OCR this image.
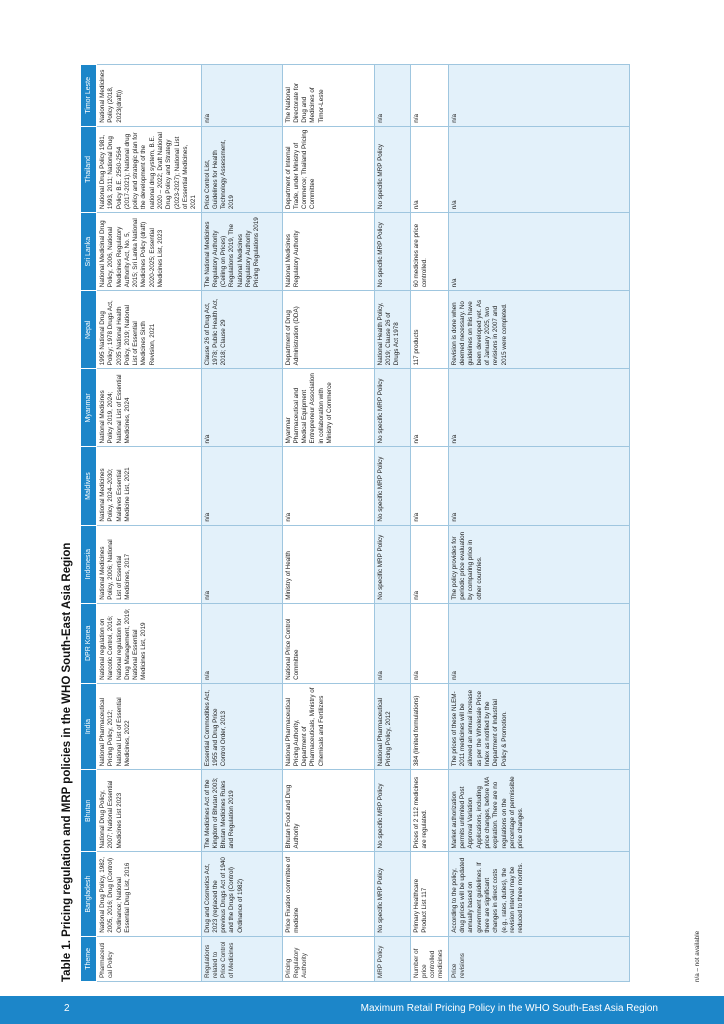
Table 1. Pricing regulation and MRP policies in the WHO South-East Asia Region	Theme	Bangladesh	Bhutan	India	DPR Korea	Indonesia	Maldives	Myanmar	Nepal	Sri Lanka	Thailand	Timor Leste
Pharmaceutical Policy	National Drug Policy, 1982, 2005, 2016; Drug (Control) Ordinance; National Essential Drug List, 2016	National Drug Policy, 2007; National Essential Medicines List 2023	National Pharmaceutical Pricing Policy, 2012; National List of Essential Medicines, 2022	National regulation on Narcotic Control, 2016; National regulation for Drug Management, 2019; National Essential Medicines List, 2019	National Medicines Policy, 2006; National List of Essential Medicines, 2017	National Medicines Policy, 2024–2030; Maldives Essential Medicine List, 2021	National Medicines Policy 2019, 2024; National List of Essential Medicines, 2024	1995 National Drug Policy; 1978 Drugs Act, 2035 National Health Policy, 2019; National List of Essential Medicines Sixth Revision, 2021	National Medicinal Drug Policy, 2006, National Medicines Regulatory Authority Act, No. 5, 2015; Sri Lanka National Medicines Policy (draft) 2020-2025; Essential Medicines List, 2023	National Drug Policy 1981, 1993, 2011; National Drug Policy B.E. 2560-2564 (2017-2021); National drug policy and strategic plan for the development of the national drug system, B.E. 2020 – 2022; Draft National Drug Policy and Strategy (2023-2027); National List of Essential Medicines, 2021	National Medicines Policy (2018, 2023(draft))
Regulations related to Price Control of Medicines	Drug and Cosmetics Act, 2023 (replaced the previous Drugs Act of 1940 and the Drugs (Control) Ordinance of 1982)	The Medicines Act of the Kingdom of Bhutan 2003; Bhutan Medicines Rules and Regulation 2019	Essential Commodities Act, 1955 and Drug Price Control Order, 2013	n/a	n/a	n/a	n/a	Clause 26 of Drug Act, 1978; Public Health Act, 2018; Clause 29	The National Medicines Regulatory Authority (Ceiling on Prices) Regulations 2019, The National Medicines Regulatory Authority Pricing Regulations 2019	Price Control List, Guidelines for Health Technology Assessment, 2019	n/a
Pricing Regulatory Authority	Price Fixation committee of medicine	Bhutan Food and Drug Authority	National Pharmaceutical Pricing Authority, Department of Pharmaceuticals, Ministry of Chemicals and Fertilizers	National Price Control Committee	Ministry of Health	n/a	Myanmar Pharmaceutical and Medical Equipment Entrepreneur Association in collaboration with Ministry of Commerce	Department of Drug Administration (DDA)	National Medicines Regulatory Authority	Department of Internal Trade, under Ministry of Commerce; Thailand Pricing Committee	The National Directorate for Drug and Medicines of Timor-Leste
MRP Policy	No specific MRP Policy	No specific MRP Policy	National Pharmaceutical Pricing Policy, 2012	n/a	No specific MRP Policy	No specific MRP Policy	No specific MRP Policy	National Health Policy, 2019; Clause 26 of Drugs Act 1978	No specific MRP Policy	No specific MRP Policy	n/a
Number of price controlled medicines	Primary Healthcare Product List 117	Prices of 2 112 medicines are regulated.	384 (limited formulations)	n/a	n/a	n/a	n/a	117 products	60 medicines are price controlled.	n/a	n/a
Price revisions	According to the policy, drug prices will be updated annually based on government guidelines. If there are significant changes in direct costs (e.g., rates, duties), the revision interval may be reduced to three months.	Market authorization permits unlimited Post Approval Variation Applications, including price changes, before MA expiration. There are no regulations on the percentage of permissible price changes.	The prices of these NLEM-2011 medicines will be allowed an annual increase as per the Wholesale Price Index as notified by the Department of Industrial Policy & Promotion.	n/a	The policy provides for periodic price evaluation by comparing price in other countries.	n/a	n/a	Revision is done when deemed necessary. No guidelines on this have been developed yet. As of January 2025, two revisions in 2007 and 2015 were completed.	n/a	n/a	n/a
n/a – not available
2	Maximum Retail Pricing Policy in the WHO South-East Asia Region
